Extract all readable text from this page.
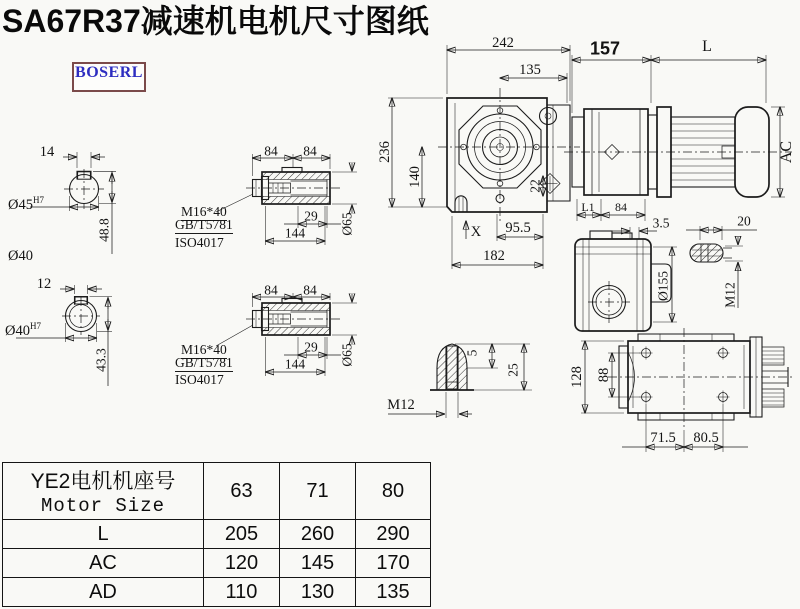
SA67R37减速机电机尺寸图纸
BOSERL
14
$Ø45^{H7}$
48.8
Ø40
12
$Ø40^{H7}$
43.3
84 84
M16*40
GB/T5781
ISO4017
29
144	Ø65
84 84
M16*40
GB/T5781
ISO4017
29
144	Ø65
242
135
236
140	22
95.5
X
182
157	L
AC
L1 84
3.5
Ø155
20
M12
5
25
M12
128 88
71.5 80.5
YE2电机机座号
Motor Size	63	71	80
L	205	260	290
AC	120	145	170
AD	110	130	135
